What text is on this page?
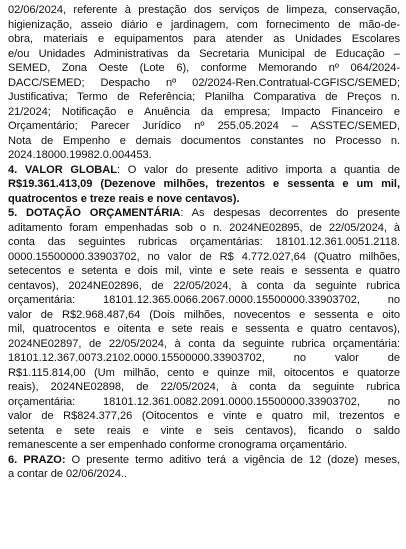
02/06/2024, referente à prestação dos serviços de limpeza, conservação,
higienização, asseio diário e jardinagem, com fornecimento de mão-de-
obra, materiais e equipamentos para atender as Unidades Escolares
e/ou Unidades Administrativas da Secretaria Municipal de Educação –
SEMED, Zona Oeste (Lote 6), conforme Memorando nº 064/2024-
DACC/SEMED; Despacho nº 02/2024-Ren.Contratual-CGFISC/SEMED;
Justificativa; Termo de Referência; Planilha Comparativa de Preços n.
21/2024; Notificação e Anuência da empresa; Impacto Financeiro e
Orçamentário; Parecer Jurídico nº 255.05.2024 – ASSTEC/SEMED,
Nota de Empenho e demais documentos constantes no Processo n.
2024.18000.19982.0.004453.
4. VALOR GLOBAL: O valor do presente aditivo importa a quantia de
R$19.361.413,09 (Dezenove milhões, trezentos e sessenta e um mil,
quatrocentos e treze reais e nove centavos).
5. DOTAÇÃO ORÇAMENTÁRIA: As despesas decorrentes do presente
aditamento foram empenhadas sob o n. 2024NE02895, de 22/05/2024, à
conta das seguintes rubricas orçamentárias: 18101.12.361.0051.2118.
0000.15500000.33903702, no valor de R$ 4.772.027,64 (Quatro milhões,
setecentos e setenta e dois mil, vinte e sete reais e sessenta e quatro
centavos), 2024NE02896, de 22/05/2024, à conta da seguinte rubrica
orçamentária: 18101.12.365.0066.2067.0000.15500000.33903702, no
valor de R$2.968.487,64 (Dois milhões, novecentos e sessenta e oito
mil, quatrocentos e oitenta e sete reais e sessenta e quatro centavos),
2024NE02897, de 22/05/2024, à conta da seguinte rubrica orçamentária:
18101.12.367.0073.2102.0000.15500000.33903702, no valor de
R$1.115.814,00 (Um milhão, cento e quinze mil, oitocentos e quatorze
reais), 2024NE02898, de 22/05/2024, à conta da seguinte rubrica
orçamentária: 18101.12.361.0082.2091.0000.15500000.33903702, no
valor de R$824.377,26 (Oitocentos e vinte e quatro mil, trezentos e
setenta e sete reais e vinte e seis centavos), ficando o saldo
remanescente a ser empenhado conforme cronograma orçamentário.
6. PRAZO: O presente termo aditivo terá a vigência de 12 (doze) meses,
a contar de 02/06/2024..
